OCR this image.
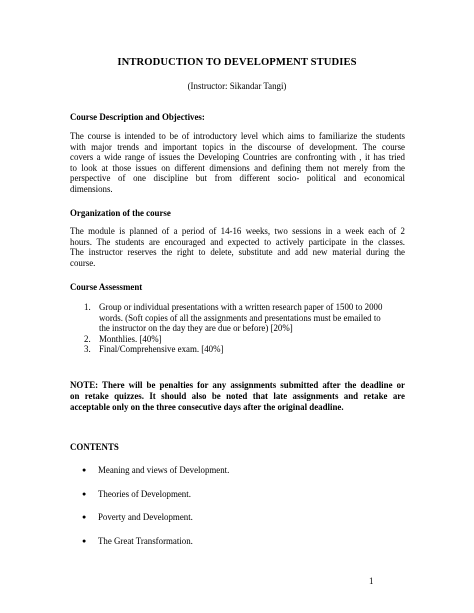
INTRODUCTION TO DEVELOPMENT STUDIES
(Instructor: Sikandar Tangi)
Course Description and Objectives:
The course is intended to be of introductory level which aims to familiarize the students
with major trends and important topics in the discourse of development. The course
covers a wide range of issues the Developing Countries are confronting with , it has tried
to look at those issues on different dimensions and defining them not merely from the
perspective of one discipline but from different socio- political and economical
dimensions.
Organization of the course
The module is planned of a period of 14-16 weeks, two sessions in a week each of 2
hours. The students are encouraged and expected to actively participate in the classes.
The instructor reserves the right to delete, substitute and add new material during the
course.
Course Assessment
1. Group or individual presentations with a written research paper of 1500 to 2000
words. (Soft copies of all the assignments and presentations must be emailed to
the instructor on the day they are due or before) [20%]
2. Monthlies. [40%]
3. Final/Comprehensive exam. [40%]
NOTE: There will be penalties for any assignments submitted after the deadline or
on retake quizzes. It should also be noted that late assignments and retake are
acceptable only on the three consecutive days after the original deadline.
CONTENTS
● Meaning and views of Development.
● Theories of Development.
● Poverty and Development.
● The Great Transformation.
1
